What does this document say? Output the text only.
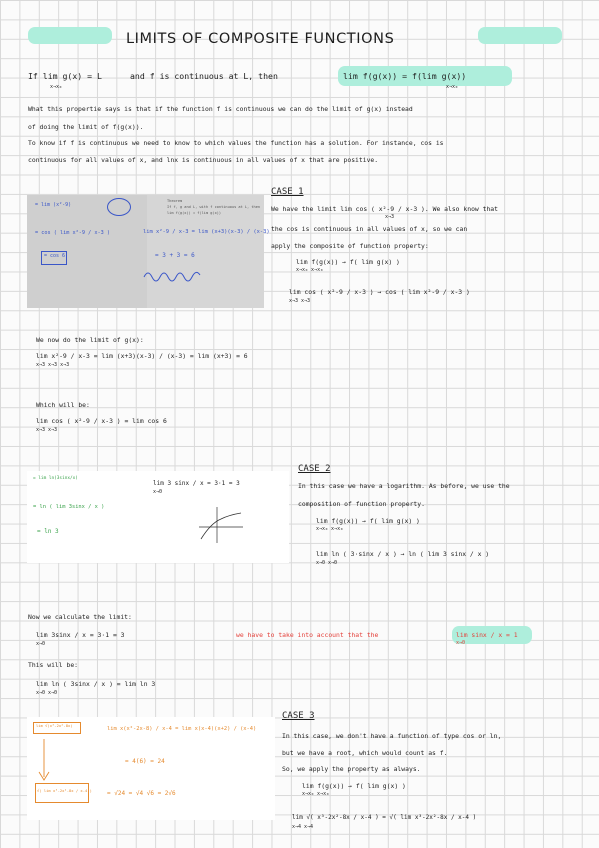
LIMITS OF COMPOSITE FUNCTIONS
If lim g(x) = L
x→x₀
and f is continuous at L, then	lim f(g(x)) = f(lim g(x))
x→x₀
What this propertie says is that if the function f is continuous we can do the limit of g(x) instead
of doing the limit of f(g(x)).
To know if f is continuous we need to know to which values the function has a solution. For instance, cos is
continuous for all values of x, and lnx is continuous in all values of x that are positive.
= lim (x²-9)
= cos ( lim x²-9 / x-3 )
= cos 6
Theorem
If f, g and L, with f continuous at L, then
lim f(g(x)) = f(lim g(x))
lim x²-9 / x-3 = lim (x+3)(x-3) / (x-3)
= 3 + 3 = 6
CASE 1
We have the limit lim cos ( x²-9 / x-3 ). We also know that
x→3
the cos is continuous in all values of x, so we can
apply the composite of function property:
lim f(g(x)) → f( lim g(x) )
x→x₀ x→x₀
lim cos ( x²-9 / x-3 ) → cos ( lim x²-9 / x-3 )
x→3 x→3
We now do the limit of g(x):
lim x²-9 / x-3 = lim (x+3)(x-3) / (x-3) = lim (x+3) = 6
x→3 x→3 x→3
Which will be:
lim cos ( x²-9 / x-3 ) = lim cos 6
x→3 x→3
= lim ln(3sinx/x)
= ln ( lim 3sinx / x )
= ln 3
lim 3 sinx / x = 3·1 = 3
x→0
CASE 2
In this case we have a logarithm. As before, we use the
composition of function property.
lim f(g(x)) → f( lim g(x) )
x→x₀ x→x₀
lim ln ( 3·sinx / x ) → ln ( lim 3 sinx / x )
x→0 x→0
Now we calculate the limit:
lim 3sinx / x = 3·1 = 3
x→0
we have to take into account that the	lim sinx / x = 1
x→0
This will be:
lim ln ( 3sinx / x ) = lim ln 3
x→0 x→0
lim √(x³-2x²-8x)
lim x(x²-2x-8) / x-4 = lim x(x-4)(x+2) / (x-4)
= 4(6) = 24
√( lim x³-2x²-8x / x-4 )	= √24 = √4 √6 = 2√6
CASE 3
In this case, we don't have a function of type cos or ln,
but we have a root, which would count as f.
So, we apply the property as always.
lim f(g(x)) → f( lim g(x) )
x→x₀ x→x₀
lim √( x³-2x²-8x / x-4 ) = √( lim x³-2x²-8x / x-4 )
x→4 x→4
